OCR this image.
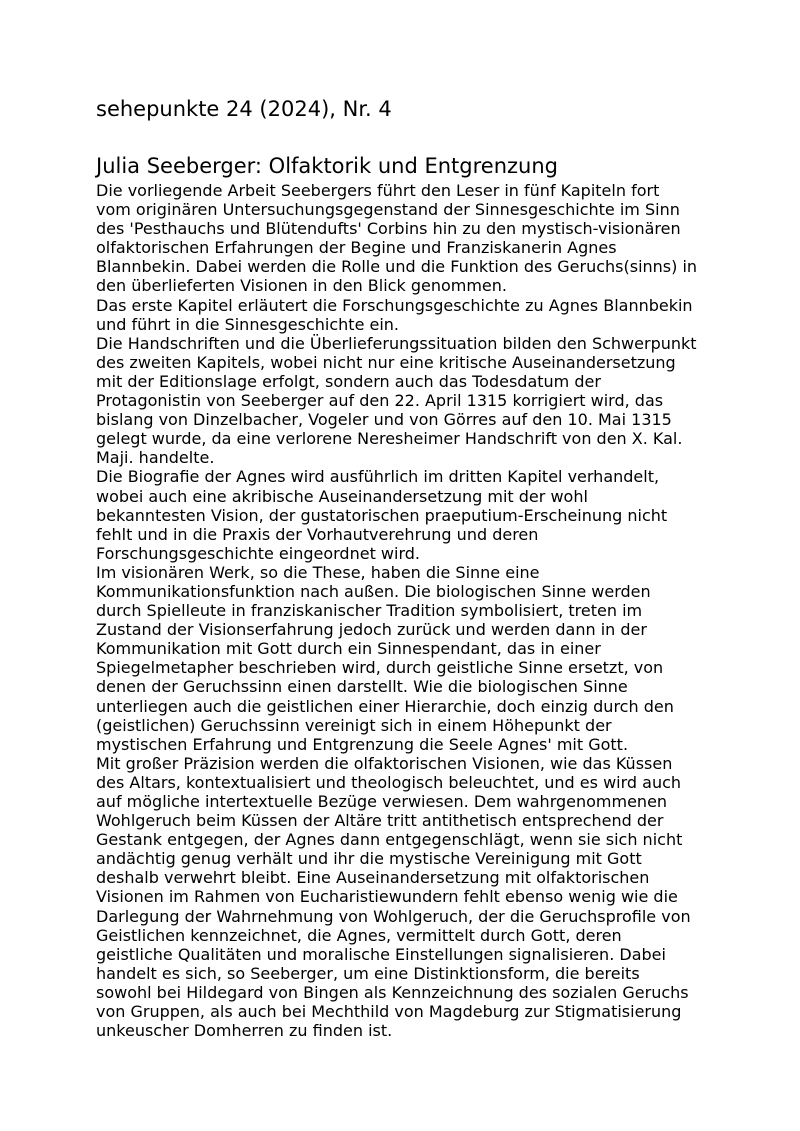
sehepunkte 24 (2024), Nr. 4
Julia Seeberger: Olfaktorik und Entgrenzung

Die vorliegende Arbeit Seebergers führt den Leser in fünf Kapiteln fort
vom originären Untersuchungsgegenstand der Sinnesgeschichte im Sinn
des 'Pesthauchs und Blütendufts' Corbins hin zu den mystisch-visionären
olfaktorischen Erfahrungen der Begine und Franziskanerin Agnes
Blannbekin. Dabei werden die Rolle und die Funktion des Geruchs(sinns) in
den überlieferten Visionen in den Blick genommen.

Das erste Kapitel erläutert die Forschungsgeschichte zu Agnes Blannbekin
und führt in die Sinnesgeschichte ein.

Die Handschriften und die Überlieferungssituation bilden den Schwerpunkt
des zweiten Kapitels, wobei nicht nur eine kritische Auseinandersetzung
mit der Editionslage erfolgt, sondern auch das Todesdatum der
Protagonistin von Seeberger auf den 22. April 1315 korrigiert wird, das
bislang von Dinzelbacher, Vogeler und von Görres auf den 10. Mai 1315
gelegt wurde, da eine verlorene Neresheimer Handschrift von den X. Kal.
Maji. handelte.

Die Biografie der Agnes wird ausführlich im dritten Kapitel verhandelt,
wobei auch eine akribische Auseinandersetzung mit der wohl
bekanntesten Vision, der gustatorischen praeputium-Erscheinung nicht
fehlt und in die Praxis der Vorhautverehrung und deren
Forschungsgeschichte eingeordnet wird.

Im visionären Werk, so die These, haben die Sinne eine
Kommunikationsfunktion nach außen. Die biologischen Sinne werden
durch Spielleute in franziskanischer Tradition symbolisiert, treten im
Zustand der Visionserfahrung jedoch zurück und werden dann in der
Kommunikation mit Gott durch ein Sinnespendant, das in einer
Spiegelmetapher beschrieben wird, durch geistliche Sinne ersetzt, von
denen der Geruchssinn einen darstellt. Wie die biologischen Sinne
unterliegen auch die geistlichen einer Hierarchie, doch einzig durch den
(geistlichen) Geruchssinn vereinigt sich in einem Höhepunkt der
mystischen Erfahrung und Entgrenzung die Seele Agnes' mit Gott.

Mit großer Präzision werden die olfaktorischen Visionen, wie das Küssen
des Altars, kontextualisiert und theologisch beleuchtet, und es wird auch
auf mögliche intertextuelle Bezüge verwiesen. Dem wahrgenommenen
Wohlgeruch beim Küssen der Altäre tritt antithetisch entsprechend der
Gestank entgegen, der Agnes dann entgegenschlägt, wenn sie sich nicht
andächtig genug verhält und ihr die mystische Vereinigung mit Gott
deshalb verwehrt bleibt. Eine Auseinandersetzung mit olfaktorischen
Visionen im Rahmen von Eucharistiewundern fehlt ebenso wenig wie die
Darlegung der Wahrnehmung von Wohlgeruch, der die Geruchsprofile von
Geistlichen kennzeichnet, die Agnes, vermittelt durch Gott, deren
geistliche Qualitäten und moralische Einstellungen signalisieren. Dabei
handelt es sich, so Seeberger, um eine Distinktionsform, die bereits
sowohl bei Hildegard von Bingen als Kennzeichnung des sozialen Geruchs
von Gruppen, als auch bei Mechthild von Magdeburg zur Stigmatisierung
unkeuscher Domherren zu finden ist.
